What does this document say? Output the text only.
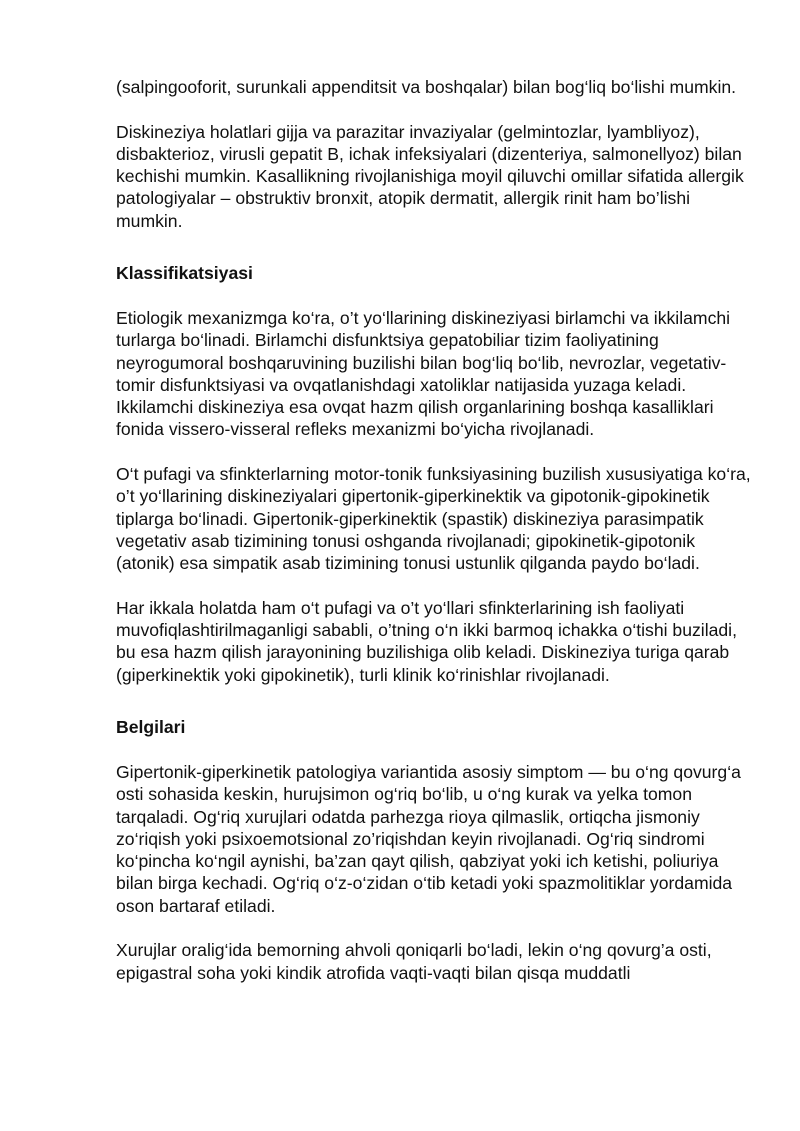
(salpingooforit, surunkali appenditsit va boshqalar) bilan bog‘liq bo‘lishi mumkin.

Diskineziya holatlari gijja va parazitar invaziyalar (gelmintozlar, lyambliyoz), disbakterioz, virusli gepatit B, ichak infeksiyalari (dizenteriya, salmonellyoz) bilan kechishi mumkin. Kasallikning rivojlanishiga moyil qiluvchi omillar sifatida allergik patologiyalar – obstruktiv bronxit, atopik dermatit, allergik rinit ham bo’lishi mumkin.

Klassifikatsiyasi

Etiologik mexanizmga ko‘ra, o’t yo‘llarining diskineziyasi birlamchi va ikkilamchi turlarga bo‘linadi. Birlamchi disfunktsiya gepatobiliar tizim faoliyatining neyrogumoral boshqaruvining buzilishi bilan bog‘liq bo‘lib, nevrozlar, vegetativ-tomir disfunktsiyasi va ovqatlanishdagi xatoliklar natijasida yuzaga keladi. Ikkilamchi diskineziya esa ovqat hazm qilish organlarining boshqa kasalliklari fonida vissero-visseral refleks mexanizmi bo‘yicha rivojlanadi.

O‘t pufagi va sfinkterlarning motor-tonik funksiyasining buzilish xususiyatiga ko‘ra, o’t yo‘llarining diskineziyalari gipertonik-giperkinektik va gipotonik-gipokinetik tiplarga bo‘linadi. Gipertonik-giperkinektik (spastik) diskineziya parasimpatik vegetativ asab tizimining tonusi oshganda rivojlanadi; gipokinetik-gipotonik (atonik) esa simpatik asab tizimining tonusi ustunlik qilganda paydo bo‘ladi.

Har ikkala holatda ham o‘t pufagi va o’t yo‘llari sfinkterlarining ish faoliyati muvofiqlashtirilmaganligi sababli, o’tning o‘n ikki barmoq ichakka o‘tishi buziladi, bu esa hazm qilish jarayonining buzilishiga olib keladi. Diskineziya turiga qarab (giperkinektik yoki gipokinetik), turli klinik ko‘rinishlar rivojlanadi.

Belgilari

Gipertonik-giperkinetik patologiya variantida asosiy simptom — bu o‘ng qovurg‘a osti sohasida keskin, hurujsimon og‘riq bo‘lib, u o‘ng kurak va yelka tomon tarqaladi. Og‘riq xurujlari odatda parhezga rioya qilmaslik, ortiqcha jismoniy zo‘riqish yoki psixoemotsional zo’riqishdan keyin rivojlanadi. Og‘riq sindromi ko‘pincha ko‘ngil aynishi, ba’zan qayt qilish, qabziyat yoki ich ketishi, poliuriya bilan birga kechadi. Og‘riq o‘z-o‘zidan o‘tib ketadi yoki spazmolitiklar yordamida oson bartaraf etiladi.

Xurujlar oralig‘ida bemorning ahvoli qoniqarli bo‘ladi, lekin o‘ng qovurg’a osti, epigastral soha yoki kindik atrofida vaqti-vaqti bilan qisqa muddatli
